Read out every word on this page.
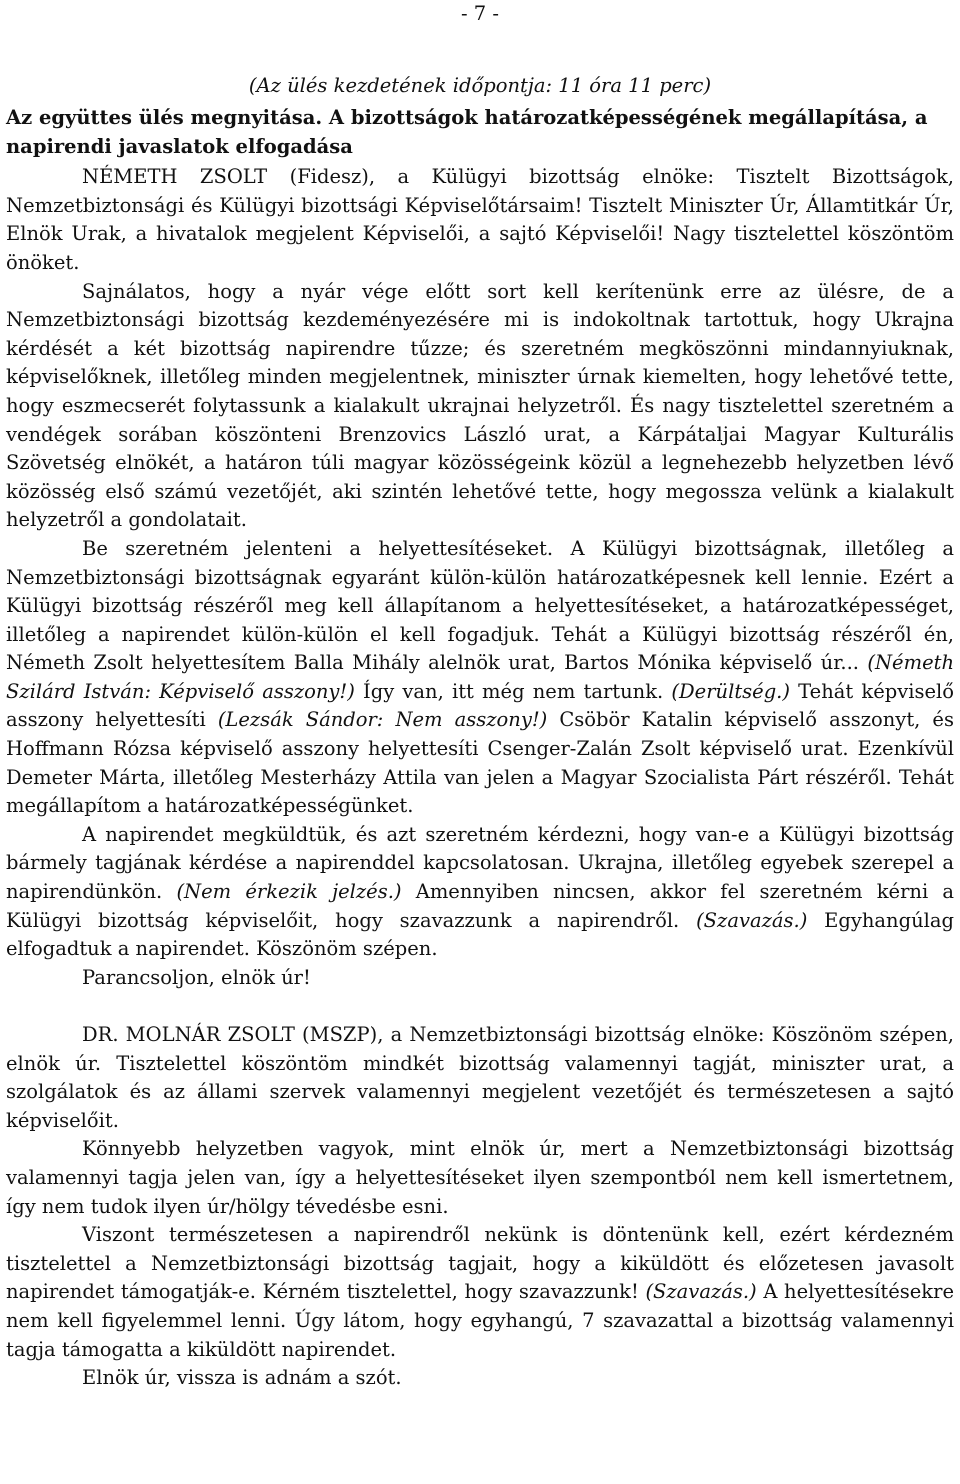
- 7 -
(Az ülés kezdetének időpontja: 11 óra 11 perc)

Az együttes ülés megnyitása. A bizottságok határozatképességének megállapítása, a napirendi javaslatok elfogadása

NÉMETH ZSOLT (Fidesz), a Külügyi bizottság elnöke: Tisztelt Bizottságok, Nemzetbiztonsági és Külügyi bizottsági Képviselőtársaim! Tisztelt Miniszter Úr, Államtitkár Úr, Elnök Urak, a hivatalok megjelent Képviselői, a sajtó Képviselői! Nagy tisztelettel köszöntöm önöket.

Sajnálatos, hogy a nyár vége előtt sort kell kerítenünk erre az ülésre, de a Nemzetbiztonsági bizottság kezdeményezésére mi is indokoltnak tartottuk, hogy Ukrajna kérdését a két bizottság napirendre tűzze; és szeretném megköszönni mindannyiuknak, képviselőknek, illetőleg minden megjelentnek, miniszter úrnak kiemelten, hogy lehetővé tette, hogy eszmecserét folytassunk a kialakult ukrajnai helyzetről. És nagy tisztelettel szeretném a vendégek sorában köszönteni Brenzovics László urat, a Kárpátaljai Magyar Kulturális Szövetség elnökét, a határon túli magyar közösségeink közül a legnehezebb helyzetben lévő közösség első számú vezetőjét, aki szintén lehetővé tette, hogy megossza velünk a kialakult helyzetről a gondolatait.

Be szeretném jelenteni a helyettesítéseket. A Külügyi bizottságnak, illetőleg a Nemzetbiztonsági bizottságnak egyaránt külön-külön határozatképesnek kell lennie. Ezért a Külügyi bizottság részéről meg kell állapítanom a helyettesítéseket, a határozatképességet, illetőleg a napirendet külön-külön el kell fogadjuk. Tehát a Külügyi bizottság részéről én, Németh Zsolt helyettesítem Balla Mihály alelnök urat, Bartos Mónika képviselő úr... (Németh Szilárd István: Képviselő asszony!) Így van, itt még nem tartunk. (Derültség.) Tehát képviselő asszony helyettesíti (Lezsák Sándor: Nem asszony!) Csöbör Katalin képviselő asszonyt, és Hoffmann Rózsa képviselő asszony helyettesíti Csenger-Zalán Zsolt képviselő urat. Ezenkívül Demeter Márta, illetőleg Mesterházy Attila van jelen a Magyar Szocialista Párt részéről. Tehát megállapítom a határozatképességünket.

A napirendet megküldtük, és azt szeretném kérdezni, hogy van-e a Külügyi bizottság bármely tagjának kérdése a napirenddel kapcsolatosan. Ukrajna, illetőleg egyebek szerepel a napirendünkön. (Nem érkezik jelzés.) Amennyiben nincsen, akkor fel szeretném kérni a Külügyi bizottság képviselőit, hogy szavazzunk a napirendről. (Szavazás.) Egyhangúlag elfogadtuk a napirendet. Köszönöm szépen.

Parancsoljon, elnök úr!

DR. MOLNÁR ZSOLT (MSZP), a Nemzetbiztonsági bizottság elnöke: Köszönöm szépen, elnök úr. Tisztelettel köszöntöm mindkét bizottság valamennyi tagját, miniszter urat, a szolgálatok és az állami szervek valamennyi megjelent vezetőjét és természetesen a sajtó képviselőit.

Könnyebb helyzetben vagyok, mint elnök úr, mert a Nemzetbiztonsági bizottság valamennyi tagja jelen van, így a helyettesítéseket ilyen szempontból nem kell ismertetnem, így nem tudok ilyen úr/hölgy tévedésbe esni.

Viszont természetesen a napirendről nekünk is döntenünk kell, ezért kérdezném tisztelettel a Nemzetbiztonsági bizottság tagjait, hogy a kiküldött és előzetesen javasolt napirendet támogatják-e. Kérném tisztelettel, hogy szavazzunk! (Szavazás.) A helyettesítésekre nem kell figyelemmel lenni. Úgy látom, hogy egyhangú, 7 szavazattal a bizottság valamennyi tagja támogatta a kiküldött napirendet.

Elnök úr, vissza is adnám a szót.
